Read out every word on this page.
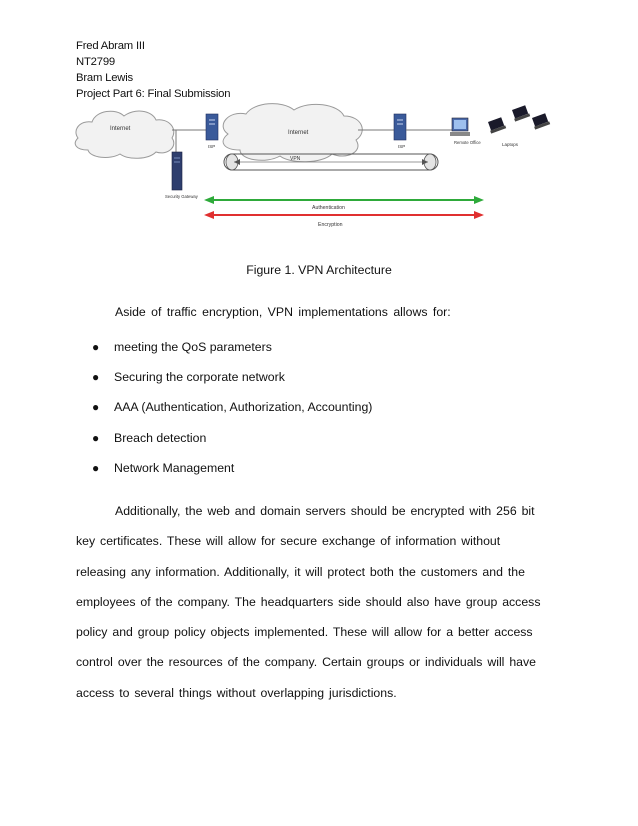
Fred Abram III
NT2799
Bram Lewis
Project Part 6: Final Submission
Internet
ISP
Security Gateway
Internet
ISP
Remote Office	Laptops
VPN
Authentication
Encryption
Figure 1. VPN Architecture
Aside of traffic encryption, VPN implementations allows for:
● meeting the QoS parameters
● Securing the corporate network
● AAA (Authentication, Authorization, Accounting)
● Breach detection
● Network Management

Additionally, the web and domain servers should be encrypted with 256 bit key certificates. These will allow for secure exchange of information without releasing any information. Additionally, it will protect both the customers and the employees of the company. The headquarters side should also have group access policy and group policy objects implemented. These will allow for a better access control over the resources of the company. Certain groups or individuals will have access to several things without overlapping jurisdictions.
